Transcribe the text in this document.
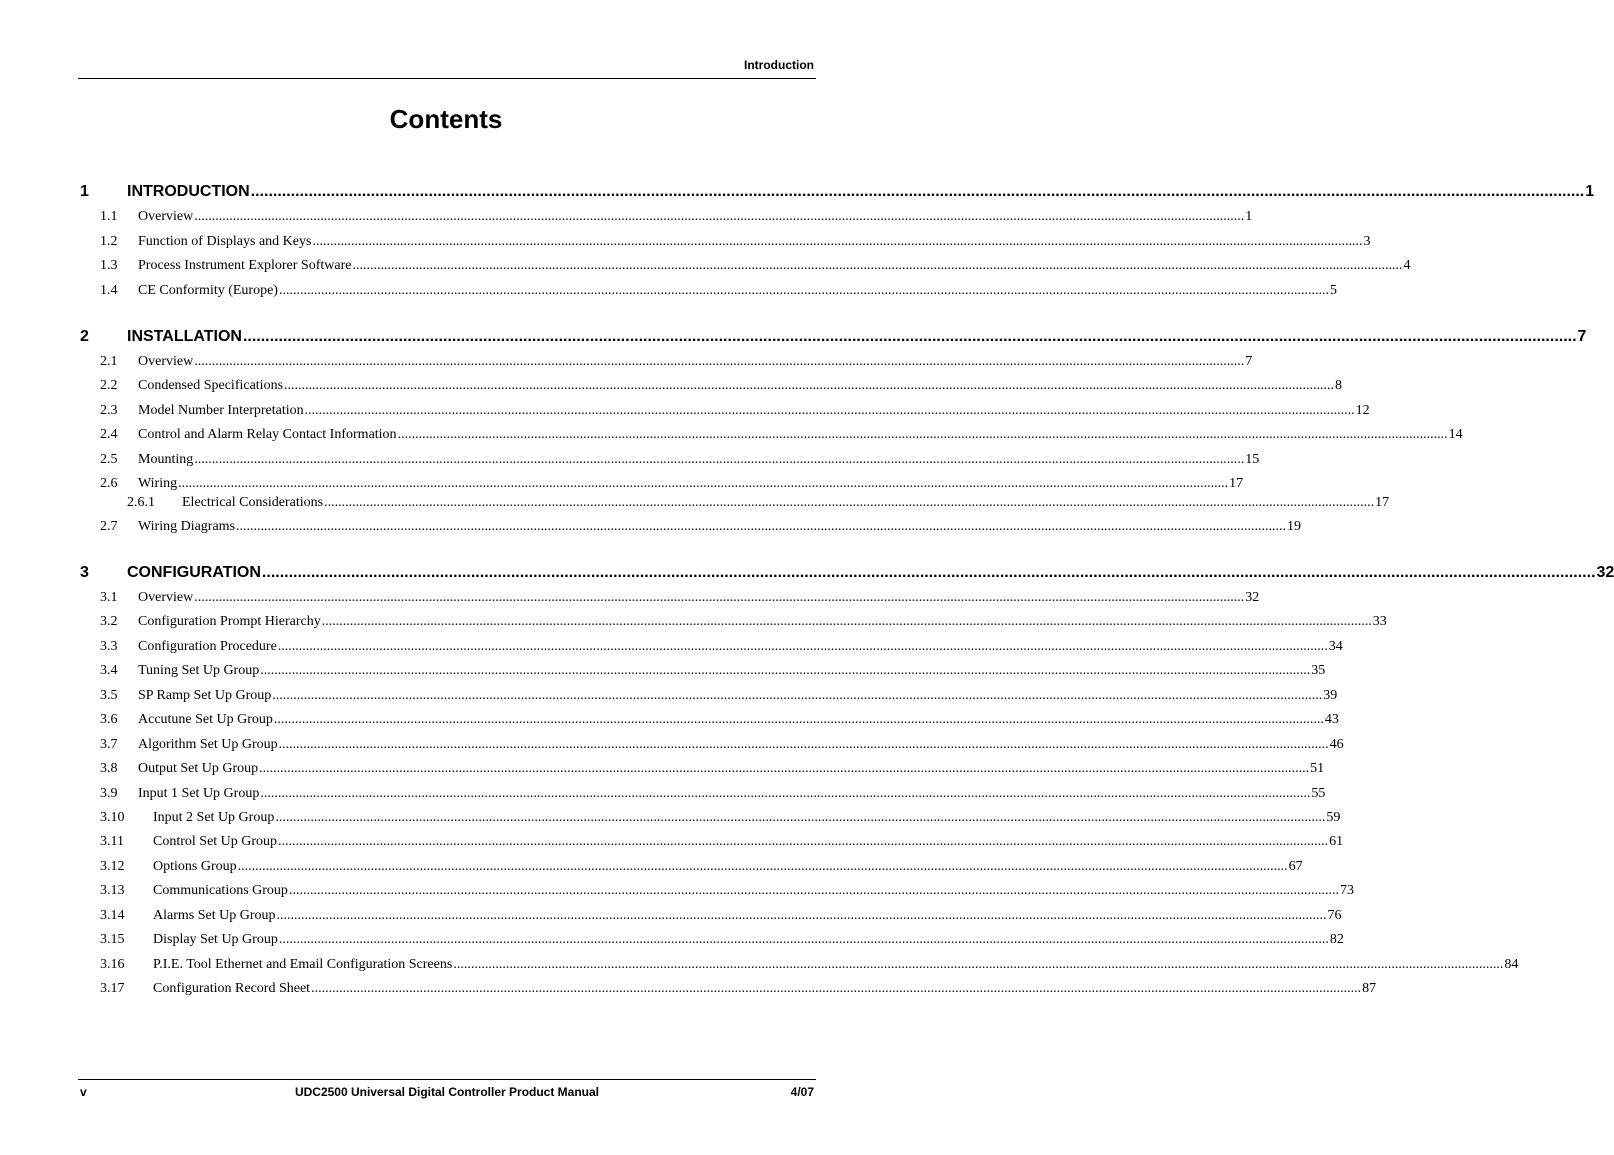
Introduction
Contents
1 INTRODUCTION ............................................................................................................................................................................................................................................................................................................ 1
1.1 Overview ............................................................................................................................................................................................................................................................................................................ 1
1.2 Function of Displays and Keys ............................................................................................................................................................................................................................................................................................................ 3
1.3 Process Instrument Explorer Software ............................................................................................................................................................................................................................................................................................................ 4
1.4 CE Conformity (Europe) ............................................................................................................................................................................................................................................................................................................ 5
2 INSTALLATION ............................................................................................................................................................................................................................................................................................................ 7
2.1 Overview ............................................................................................................................................................................................................................................................................................................ 7
2.2 Condensed Specifications ............................................................................................................................................................................................................................................................................................................ 8
2.3 Model Number Interpretation ............................................................................................................................................................................................................................................................................................................ 12
2.4 Control and Alarm Relay Contact Information ............................................................................................................................................................................................................................................................................................................ 14
2.5 Mounting ............................................................................................................................................................................................................................................................................................................ 15
2.6 Wiring ............................................................................................................................................................................................................................................................................................................ 17
2.6.1 Electrical Considerations ............................................................................................................................................................................................................................................................................................................ 17
2.7 Wiring Diagrams ............................................................................................................................................................................................................................................................................................................ 19
3 CONFIGURATION ............................................................................................................................................................................................................................................................................................................ 32
3.1 Overview ............................................................................................................................................................................................................................................................................................................ 32
3.2 Configuration Prompt Hierarchy ............................................................................................................................................................................................................................................................................................................ 33
3.3 Configuration Procedure ............................................................................................................................................................................................................................................................................................................ 34
3.4 Tuning Set Up Group ............................................................................................................................................................................................................................................................................................................ 35
3.5 SP Ramp Set Up Group ............................................................................................................................................................................................................................................................................................................ 39
3.6 Accutune Set Up Group ............................................................................................................................................................................................................................................................................................................ 43
3.7 Algorithm Set Up Group ............................................................................................................................................................................................................................................................................................................ 46
3.8 Output Set Up Group ............................................................................................................................................................................................................................................................................................................ 51
3.9 Input 1 Set Up Group ............................................................................................................................................................................................................................................................................................................ 55
3.10 Input 2 Set Up Group ............................................................................................................................................................................................................................................................................................................ 59
3.11 Control Set Up Group ............................................................................................................................................................................................................................................................................................................ 61
3.12 Options Group ............................................................................................................................................................................................................................................................................................................ 67
3.13 Communications Group ............................................................................................................................................................................................................................................................................................................ 73
3.14 Alarms Set Up Group ............................................................................................................................................................................................................................................................................................................ 76
3.15 Display Set Up Group ............................................................................................................................................................................................................................................................................................................ 82
3.16 P.I.E. Tool Ethernet and Email Configuration Screens ............................................................................................................................................................................................................................................................................................................ 84
3.17 Configuration Record Sheet ............................................................................................................................................................................................................................................................................................................ 87
v	UDC2500 Universal Digital Controller Product Manual	4/07
